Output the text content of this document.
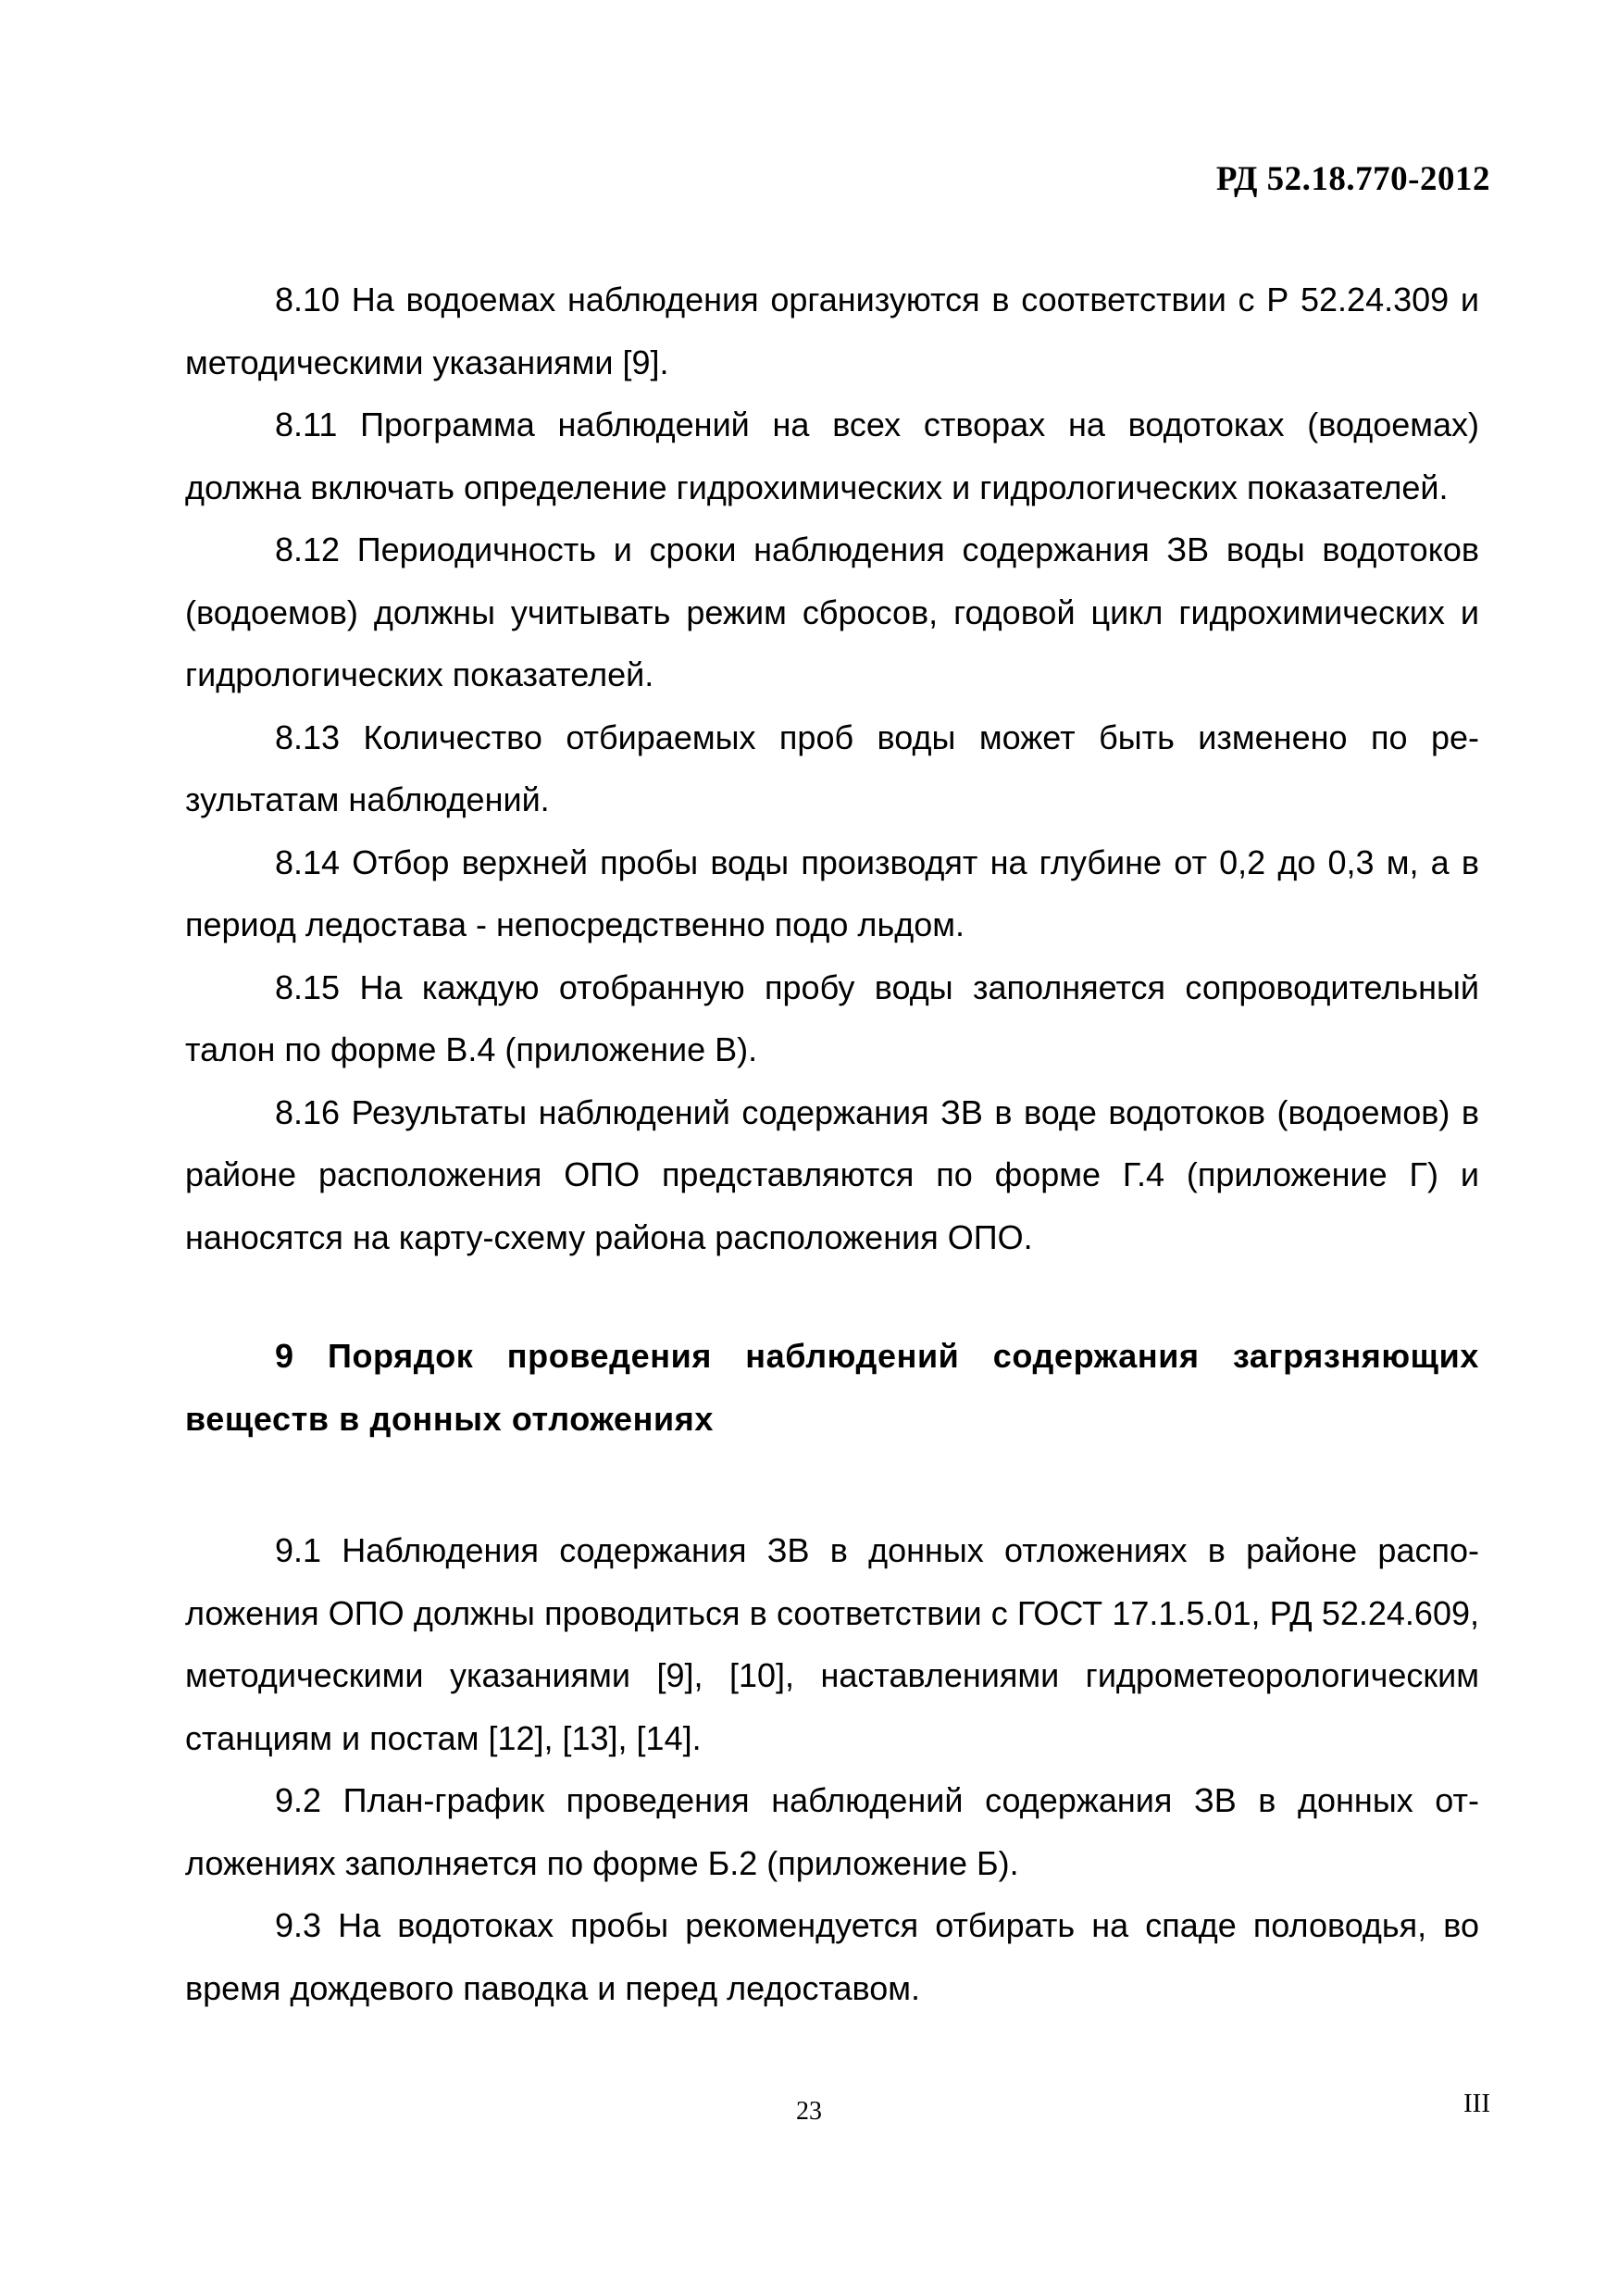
РД 52.18.770-2012

8.10 На водоемах наблюдения организуются в соответствии с Р 52.24.309 и методическими указаниями [9].

8.11 Программа наблюдений на всех створах на водотоках (водоемах) должна включать определение гидрохимических и гидрологических показателей.

8.12 Периодичность и сроки наблюдения содержания ЗВ воды водотоков (водоемов) должны учитывать режим сбросов, годовой цикл гидрохимических и гидрологических показателей.

8.13 Количество отбираемых проб воды может быть изменено по результатам наблюдений.

8.14 Отбор верхней пробы воды производят на глубине от 0,2 до 0,3 м, а в период ледостава - непосредственно подо льдом.

8.15 На каждую отобранную пробу воды заполняется сопроводительный талон по форме В.4 (приложение В).

8.16 Результаты наблюдений содержания ЗВ в воде водотоков (водоемов) в районе расположения ОПО представляются по форме Г.4 (приложение Г) и наносятся на карту-схему района расположения ОПО.

9 Порядок проведения наблюдений содержания загрязняющих веществ в донных отложениях

9.1 Наблюдения содержания ЗВ в донных отложениях в районе расположения ОПО должны проводиться в соответствии с ГОСТ 17.1.5.01, РД 52.24.609, методическими указаниями [9], [10], наставлениями гидрометеорологическим станциям и постам [12], [13], [14].

9.2 План-график проведения наблюдений содержания ЗВ в донных отложениях заполняется по форме Б.2 (приложение Б).

9.3 На водотоках пробы рекомендуется отбирать на спаде половодья, во время дождевого паводка и перед ледоставом.

23	III
